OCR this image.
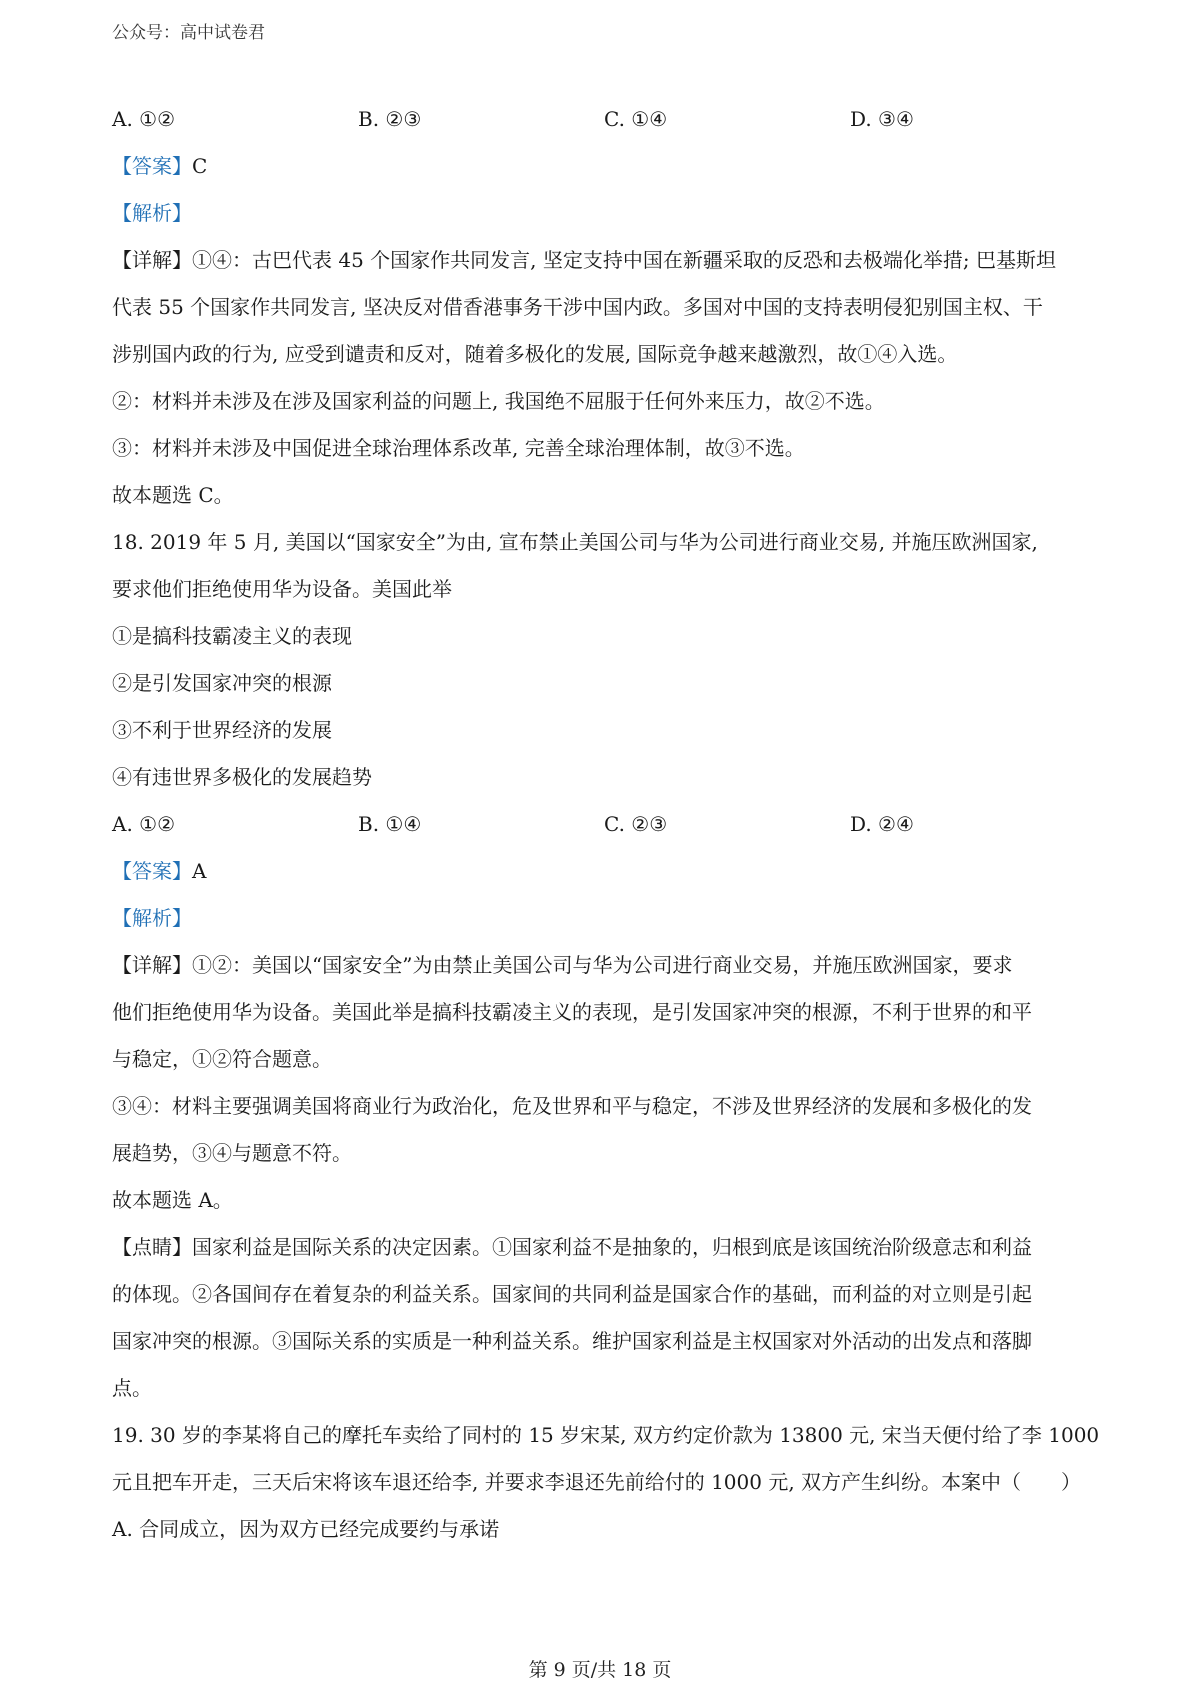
公众号：高中试卷君
A. ①②	B. ②③	C. ①④	D. ③④
【答案】C
【解析】
【详解】①④：古巴代表 45 个国家作共同发言, 坚定支持中国在新疆采取的反恐和去极端化举措; 巴基斯坦
代表 55 个国家作共同发言, 坚决反对借香港事务干涉中国内政。多国对中国的支持表明侵犯别国主权、干
涉别国内政的行为, 应受到谴责和反对，随着多极化的发展, 国际竞争越来越激烈，故①④入选。
②：材料并未涉及在涉及国家利益的问题上, 我国绝不屈服于任何外来压力，故②不选。
③：材料并未涉及中国促进全球治理体系改革, 完善全球治理体制，故③不选。
故本题选 C。
18. 2019 年 5 月, 美国以“国家安全”为由, 宣布禁止美国公司与华为公司进行商业交易, 并施压欧洲国家,
要求他们拒绝使用华为设备。美国此举
①是搞科技霸凌主义的表现
②是引发国家冲突的根源
③不利于世界经济的发展
④有违世界多极化的发展趋势
A. ①②	B. ①④	C. ②③	D. ②④
【答案】A
【解析】
【详解】①②：美国以“国家安全”为由禁止美国公司与华为公司进行商业交易，并施压欧洲国家，要求
他们拒绝使用华为设备。美国此举是搞科技霸凌主义的表现，是引发国家冲突的根源，不利于世界的和平
与稳定，①②符合题意。
③④：材料主要强调美国将商业行为政治化，危及世界和平与稳定，不涉及世界经济的发展和多极化的发
展趋势，③④与题意不符。
故本题选 A。
【点睛】国家利益是国际关系的决定因素。①国家利益不是抽象的，归根到底是该国统治阶级意志和利益
的体现。②各国间存在着复杂的利益关系。国家间的共同利益是国家合作的基础，而利益的对立则是引起
国家冲突的根源。③国际关系的实质是一种利益关系。维护国家利益是主权国家对外活动的出发点和落脚
点。
19. 30 岁的李某将自己的摩托车卖给了同村的 15 岁宋某, 双方约定价款为 13800 元, 宋当天便付给了李 1000
元且把车开走，三天后宋将该车退还给李, 并要求李退还先前给付的 1000 元, 双方产生纠纷。本案中（　　）
A. 合同成立，因为双方已经完成要约与承诺
第 9 页/共 18 页
